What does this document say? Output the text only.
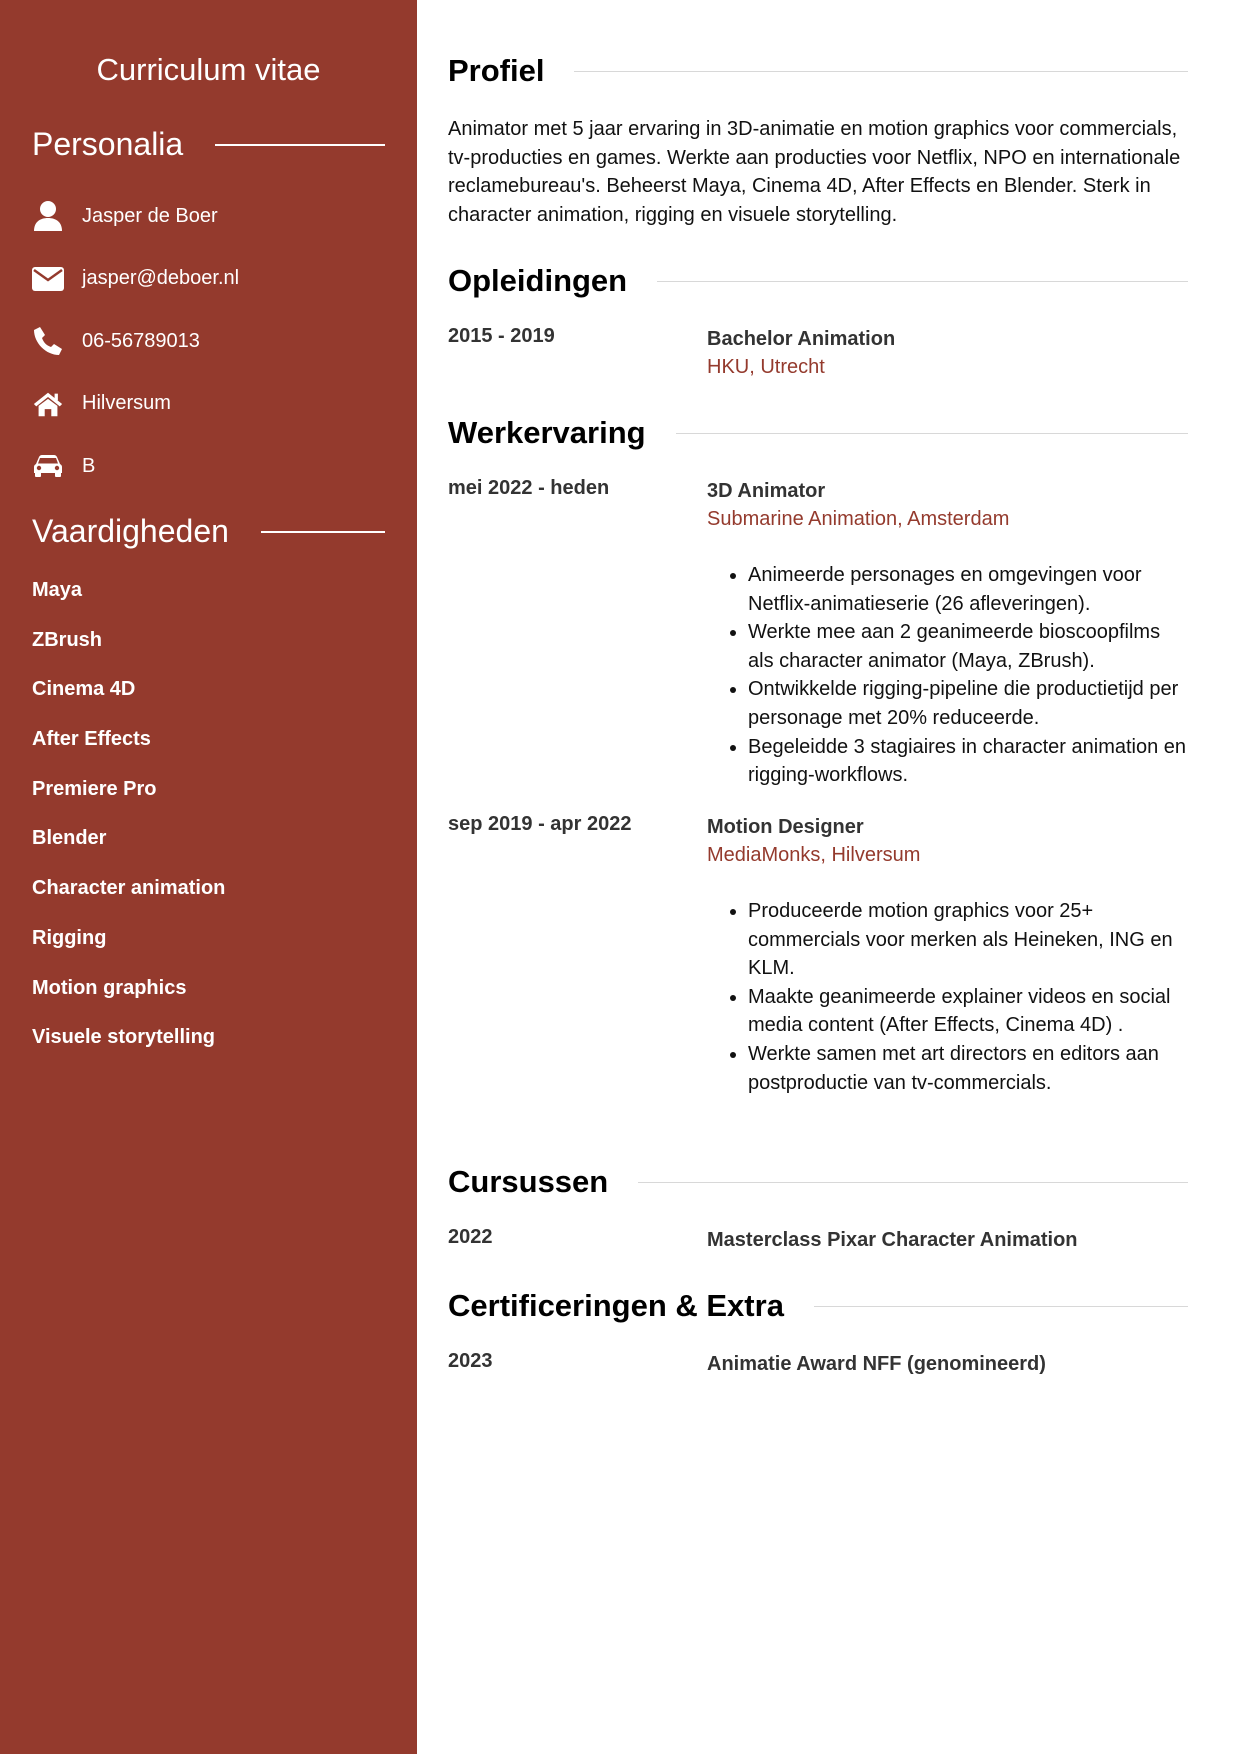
Curriculum vitae
Personalia
Jasper de Boer
jasper@deboer.nl
06-56789013
Hilversum
B
Vaardigheden
Maya
ZBrush
Cinema 4D
After Effects
Premiere Pro
Blender
Character animation
Rigging
Motion graphics
Visuele storytelling
Profiel

Animator met 5 jaar ervaring in 3D-animatie en motion graphics voor commercials, tv-producties en games. Werkte aan producties voor Netflix, NPO en internationale reclamebureau's. Beheerst Maya, Cinema 4D, After Effects en Blender. Sterk in character animation, rigging en visuele storytelling.

Opleidingen
2015 - 2019	Bachelor Animation
HKU, Utrecht
Werkervaring
mei 2022 - heden	3D Animator
Submarine Animation, Amsterdam
• Animeerde personages en omgevingen voor Netflix-animatieserie (26 afleveringen).
• Werkte mee aan 2 geanimeerde bioscoopfilms als character animator (Maya, ZBrush).
• Ontwikkelde rigging-pipeline die productietijd per personage met 20% reduceerde.
• Begeleidde 3 stagiaires in character animation en rigging-workflows.
sep 2019 - apr 2022	Motion Designer
MediaMonks, Hilversum
• Produceerde motion graphics voor 25+ commercials voor merken als Heineken, ING en KLM.
• Maakte geanimeerde explainer videos en social media content (After Effects, Cinema 4D) .
• Werkte samen met art directors en editors aan postproductie van tv-commercials.
Cursussen
2022	Masterclass Pixar Character Animation
Certificeringen & Extra
2023	Animatie Award NFF (genomineerd)
